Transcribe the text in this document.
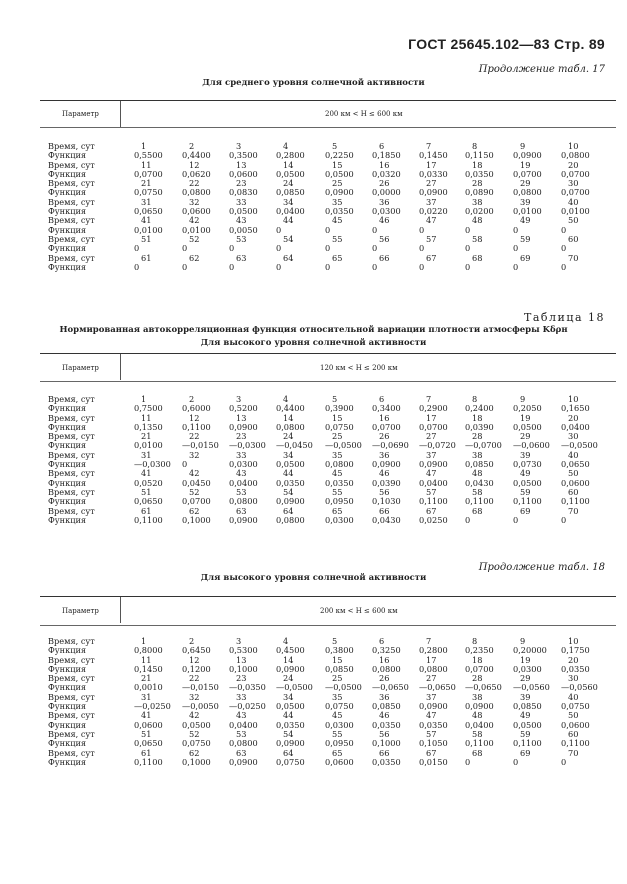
ГОСТ 25645.102—83 Стр. 89
Продолжение табл. 17
Для среднего уровня солнечной активности
Параметр	200 км < H ≤ 600 км
Время, сут	1	2	3	4	5	6	7	8	9	10
Функция	0,5500 0,4400 0,3500 0,2800 0,2250 0,1850 0,1450 0,1150 0,0900 0,0800
Время, сут	11	12	13	14	15	16	17	18	19	20
Функция	0,0700 0,0620 0,0600 0,0500 0,0500 0,0320 0,0330 0,0350 0,0700 0,0700
Время, сут	21	22	23	24	25	26	27	28	29	30
Функция	0,0750 0,0800 0,0830 0,0850 0,0900 0,0000 0,0900 0,0890 0,0800 0,0700
Время, сут	31	32	33	34	35	36	37	38	39	40
Функция	0,0650 0,0600 0,0500 0,0400 0,0350 0,0300 0,0220 0,0200 0,0100 0,0100
Время, сут	41	42	43	44	45	46	47	48	49	50
Функция	0,0100 0,0100 0,0050 0	0	0	0	0	0	0
Время, сут	51	52	53	54	55	56	57	58	59	60
Функция	0	0	0	0	0	0	0	0	0	0
Время, сут	61	62	63	64	65	66	67	68	69	70
Функция	0	0	0	0	0	0	0	0	0	0
Таблица 18
Нормированная автокорреляционная функция относительной вариации плотности атмосферы Kδρн
Для высокого уровня солнечной активности
Параметр	120 км < H ≤ 200 км
Время, сут	1	2	3	4	5	6	7	8	9	10
Функция	0,7500 0,6000 0,5200 0,4400 0,3900 0,3400 0,2900 0,2400 0,2050 0,1650
Время, сут	11	12	13	14	15	16	17	18	19	20
Функция	0,1350 0,1100 0,0900 0,0800 0,0750 0,0700 0,0700 0,0390 0,0500 0,0400
Время, сут	21	22	23	24	25	26	27	28	29	30
Функция	0,0100 —0,0150 —0,0300 —0,0450 —0,0500 —0,0690 —0,0720 —0,0700 —0,0600 —0,0500
Время, сут	31	32	33	34	35	36	37	38	39	40
Функция	—0,0300 0	0,0300 0,0500 0,0800 0,0900 0,0900 0,0850 0,0730 0,0650
Время, сут	41	42	43	44	45	46	47	48	49	50
Функция	0,0520 0,0450 0,0400 0,0350 0,0350 0,0390 0,0400 0,0430 0,0500 0,0600
Время, сут	51	52	53	54	55	56	57	58	59	60
Функция	0,0650 0,0700 0,0800 0,0900 0,0950 0,1030 0,1100 0,1100 0,1100 0,1100
Время, сут	61	62	63	64	65	66	67	68	69	70
Функция	0,1100 0,1000 0,0900 0,0800 0,0300 0,0430 0,0250 0	0	0
Продолжение табл. 18
Для высокого уровня солнечной активности
Параметр	200 км < H ≤ 600 км
Время, сут	1	2	3	4	5	6	7	8	9	10
Функция	0,8000 0,6450 0,5300 0,4500 0,3800 0,3250 0,2800 0,2350 0,20000 0,1750
Время, сут	11	12	13	14	15	16	17	18	19	20
Функция	0,1450 0,1200 0,1000 0,0900 0,0850 0,0800 0,0800 0,0700 0,0300 0,0350
Время, сут	21	22	23	24	25	26	27	28	29	30
Функция	0,0010 —0,0150 —0,0350 —0,0500 —0,0500 —0,0650 —0,0650 —0,0650 —0,0560 —0,0560
Время, сут	31	32	33	34	35	36	37	38	39	40
Функция	—0,0250 —0,0050 —0,0250 0,0500 0,0750 0,0850 0,0900 0,0900 0,0850 0,0750
Время, сут	41	42	43	44	45	46	47	48	49	50
Функция	0,0600 0,0500 0,0400 0,0350 0,0300 0,0350 0,0350 0,0400 0,0500 0,0600
Время, сут	51	52	53	54	55	56	57	58	59	60
Функция	0,0650 0,0750 0,0800 0,0900 0,0950 0,1000 0,1050 0,1100 0,1100 0,1100
Время, сут	61	62	63	64	65	66	67	68	69	70
Функция	0,1100 0,1000 0,0900 0,0750 0,0600 0,0350 0,0150 0	0	0
